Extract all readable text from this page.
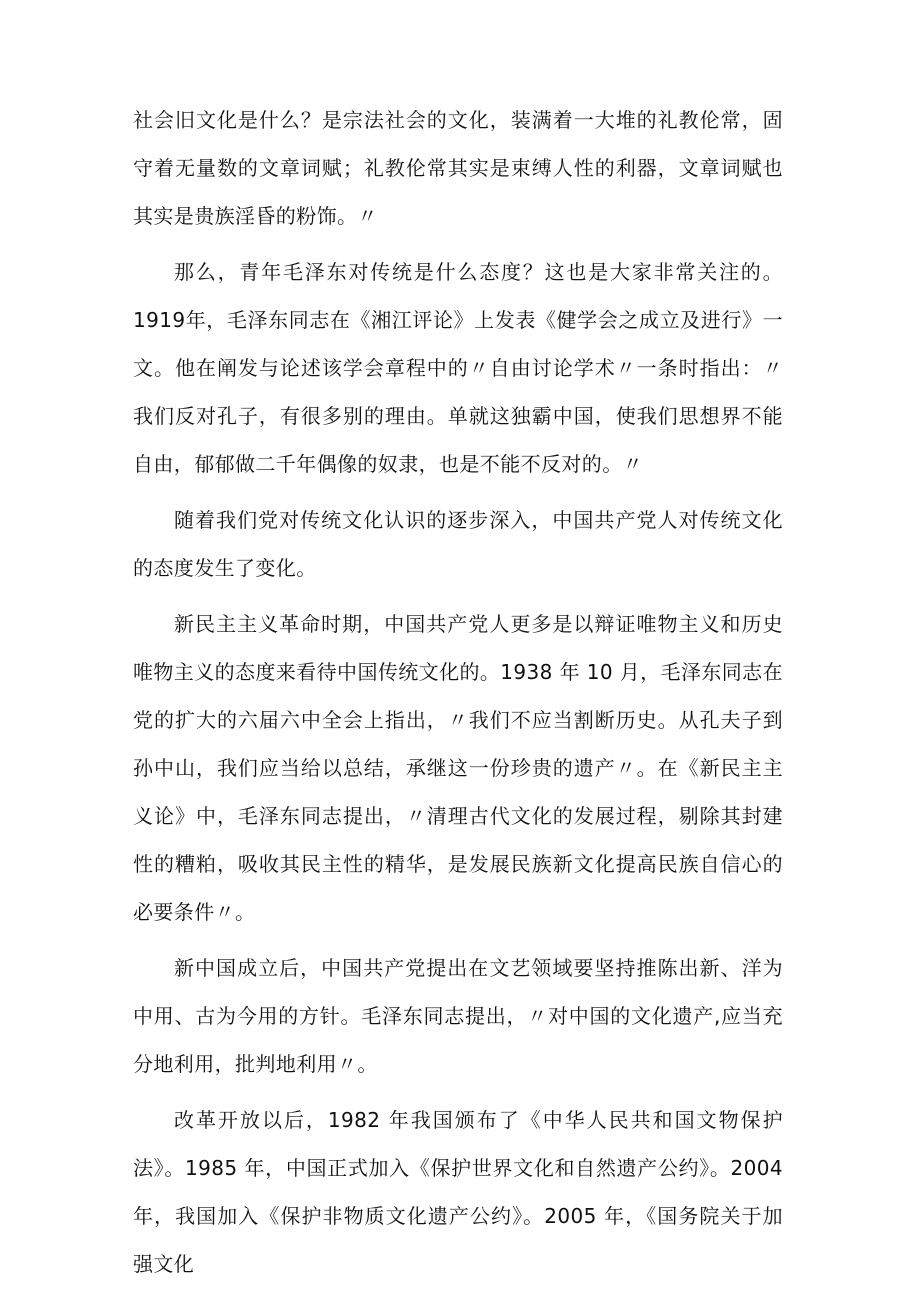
社会旧文化是什么？是宗法社会的文化，装满着一大堆的礼教伦常，固守着无量数的文章词赋；礼教伦常其实是束缚人性的利器，文章词赋也其实是贵族淫昏的粉饰。〃

那么，青年毛泽东对传统是什么态度？这也是大家非常关注的。1919年，毛泽东同志在《湘江评论》上发表《健学会之成立及进行》一文。他在阐发与论述该学会章程中的〃自由讨论学术〃一条时指出：〃我们反对孔子，有很多别的理由。单就这独霸中国，使我们思想界不能自由，郁郁做二千年偶像的奴隶，也是不能不反对的。〃

随着我们党对传统文化认识的逐步深入，中国共产党人对传统文化的态度发生了变化。

新民主主义革命时期，中国共产党人更多是以辩证唯物主义和历史唯物主义的态度来看待中国传统文化的。1938 年 10 月，毛泽东同志在党的扩大的六届六中全会上指出，〃我们不应当割断历史。从孔夫子到孙中山，我们应当给以总结，承继这一份珍贵的遗产〃。在《新民主主义论》中，毛泽东同志提出，〃清理古代文化的发展过程，剔除其封建性的糟粕，吸收其民主性的精华，是发展民族新文化提高民族自信心的必要条件〃。

新中国成立后，中国共产党提出在文艺领域要坚持推陈出新、洋为中用、古为今用的方针。毛泽东同志提出，〃对中国的文化遗产,应当充分地利用，批判地利用〃。

改革开放以后，1982 年我国颁布了《中华人民共和国文物保护法》。1985 年，中国正式加入《保护世界文化和自然遗产公约》。2004 年，我国加入《保护非物质文化遗产公约》。2005 年，《国务院关于加强文化
